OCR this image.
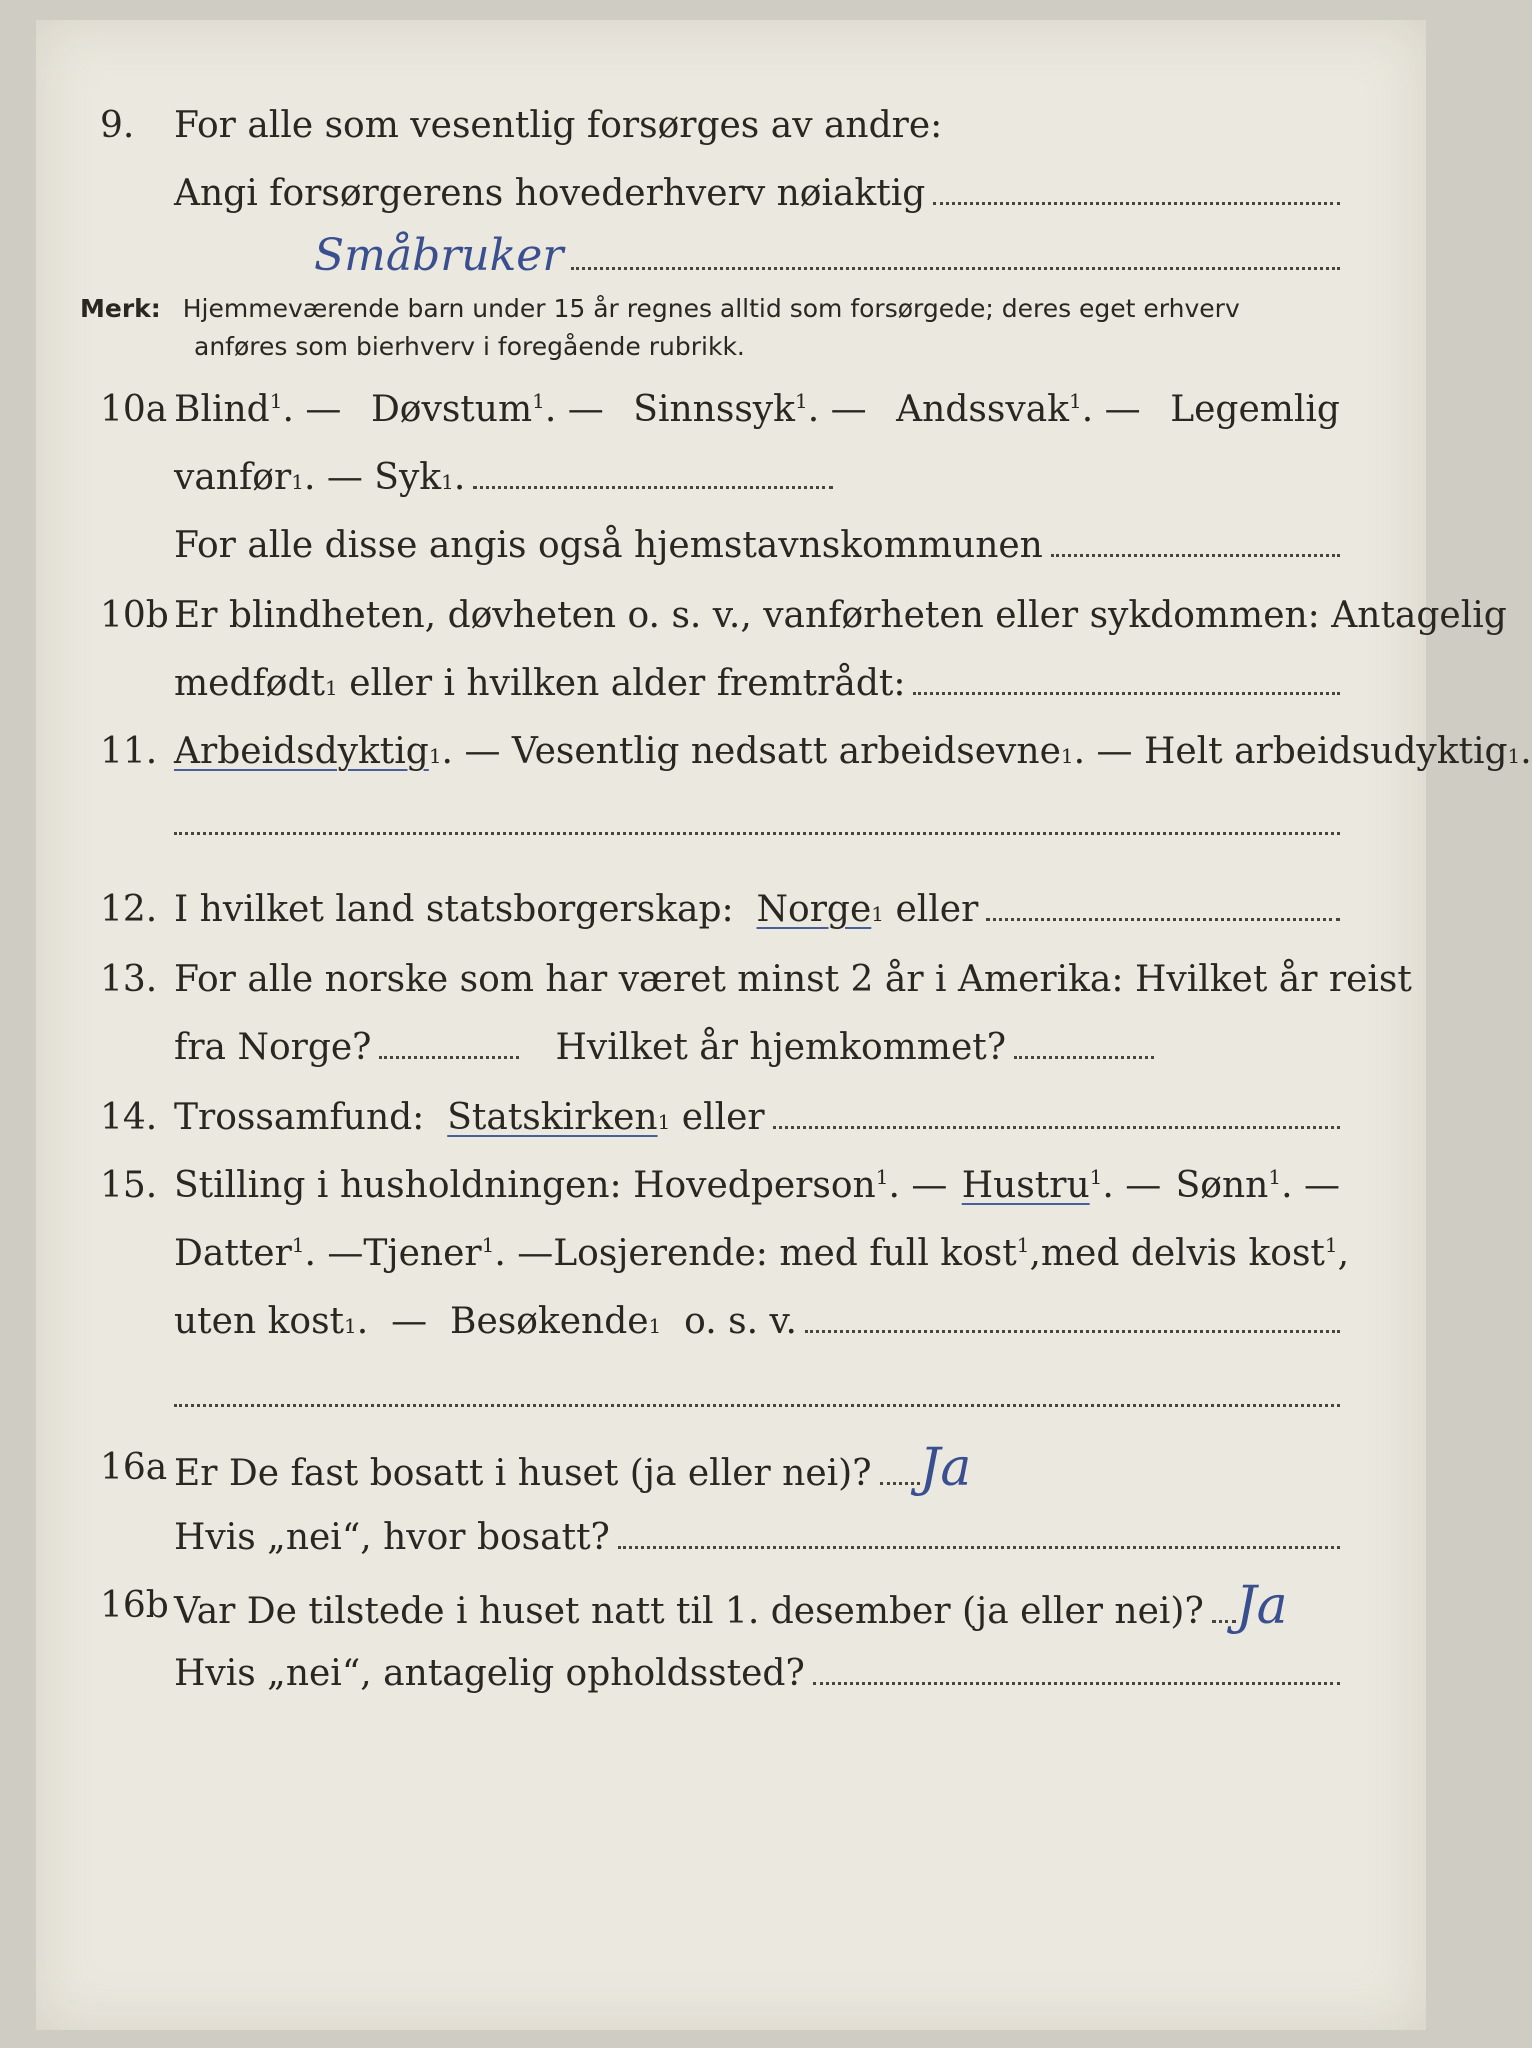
9.	For alle som vesentlig forsørges av andre:
Angi forsørgerens hovederhverv nøiaktig
Småbruker
Merk: Hjemmeværende barn under 15 år regnes alltid som forsørgede; deres eget erhverv
anføres som bierhverv i foregående rubrikk.
10a Blind$^1$. — Døvstum$^1$. — Sinnssyk$^1$. — Andssvak$^1$. — Legemlig
vanfør 1 . —
Syk 1 .
For alle disse angis også hjemstavnskommunen
10b Er blindheten, døvheten o. s. v., vanførheten eller sykdommen: Antagelig
medfødt 1
eller i hvilken alder fremtrådt:
11. Arbeidsdyktig 1 . —
Vesentlig nedsatt arbeidsevne 1 . —
Helt arbeidsudyktig 1 .
12. I hvilket land statsborgerskap:
Norge 1
eller
13. For alle norske som har været minst 2 år i Amerika: Hvilket år reist
fra Norge?	Hvilket år hjemkommet?
14. Trossamfund:
Statskirken 1
eller
15. Stilling i husholdningen: Hovedperson$^1$. — Hustru$^1$. — Sønn$^1$. —
Datter$^1$. — Tjener$^1$. — Losjerende: med full kost$^1$, med delvis kost$^1$,
uten kost 1 . —
Besøkende 1
o. s. v.
16a Er De fast bosatt i huset (ja eller nei)? Ja
Hvis „nei“, hvor bosatt?
16b Var De tilstede i huset natt til 1. desember (ja eller nei)? Ja
Hvis „nei“, antagelig opholdssted?
